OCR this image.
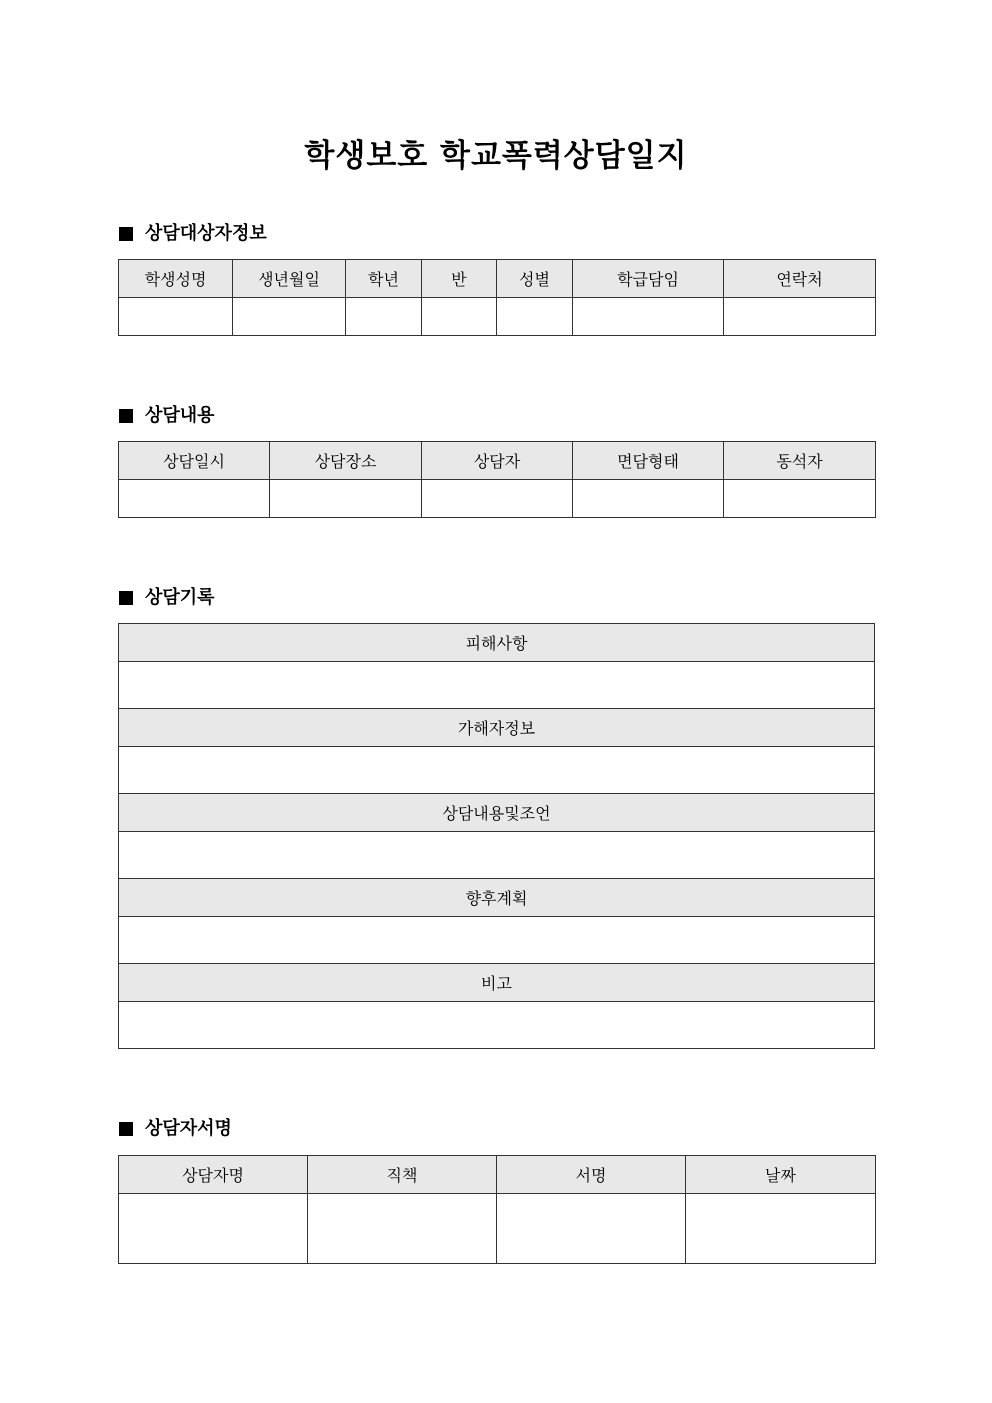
학생보호 학교폭력상담일지
상담대상자정보
학생성명	생년월일	학년	반	성별	학급담임	연락처

상담내용
상담일시	상담장소	상담자	면담형태	동석자

상담기록
피해사항

가해자정보

상담내용및조언

향후계획

비고

상담자서명
상담자명	직책	서명	날짜
